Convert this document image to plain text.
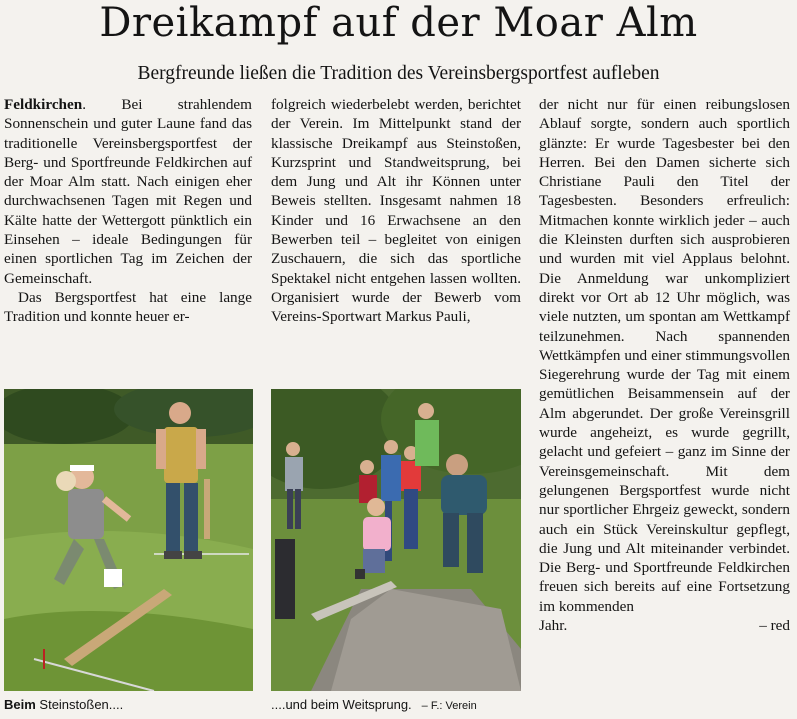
Dreikampf auf der Moar Alm
Bergfreunde ließen die Tradition des Vereinsbergsportfest aufleben

Feldkirchen. Bei strahlendem Sonnenschein und guter Laune fand das traditionelle Vereinsbergsportfest der Berg- und Sportfreunde Feldkirchen auf der Moar Alm statt. Nach einigen eher durchwachsenen Tagen mit Regen und Kälte hatte der Wettergott pünktlich ein Einsehen – ideale Bedingungen für einen sportlichen Tag im Zeichen der Gemeinschaft.

Das Bergsportfest hat eine lange Tradition und konnte heuer er-

folgreich wiederbelebt werden, berichtet der Verein. Im Mittelpunkt stand der klassische Dreikampf aus Steinstoßen, Kurzsprint und Standweitsprung, bei dem Jung und Alt ihr Können unter Beweis stellten. Insgesamt nahmen 18 Kinder und 16 Erwachsene an den Bewerben teil – begleitet von einigen Zuschauern, die sich das sportliche Spektakel nicht entgehen lassen wollten. Organisiert wurde der Bewerb vom Vereins-Sportwart Markus Pauli,

der nicht nur für einen reibungslosen Ablauf sorgte, sondern auch sportlich glänzte: Er wurde Tagesbester bei den Herren. Bei den Damen sicherte sich Christiane Pauli den Titel der Tagesbesten. Besonders erfreulich: Mitmachen konnte wirklich jeder – auch die Kleinsten durften sich ausprobieren und wurden mit viel Applaus belohnt. Die Anmeldung war unkompliziert direkt vor Ort ab 12 Uhr möglich, was viele nutzten, um spontan am Wettkampf teilzunehmen. Nach spannenden Wettkämpfen und einer stimmungsvollen Siegerehrung wurde der Tag mit einem gemütlichen Beisammensein auf der Alm abgerundet. Der große Vereinsgrill wurde angeheizt, es wurde gegrillt, gelacht und gefeiert – ganz im Sinne der Vereinsgemeinschaft. Mit dem gelungenen Bergsportfest wurde nicht nur sportlicher Ehrgeiz geweckt, sondern auch ein Stück Vereinskultur gepflegt, die Jung und Alt miteinander verbindet. Die Berg- und Sportfreunde Feldkirchen freuen sich bereits auf eine Fortsetzung im kommenden

Jahr.	– red
Beim Steinstoßen....	....und beim Weitsprung. – F.: Verein
